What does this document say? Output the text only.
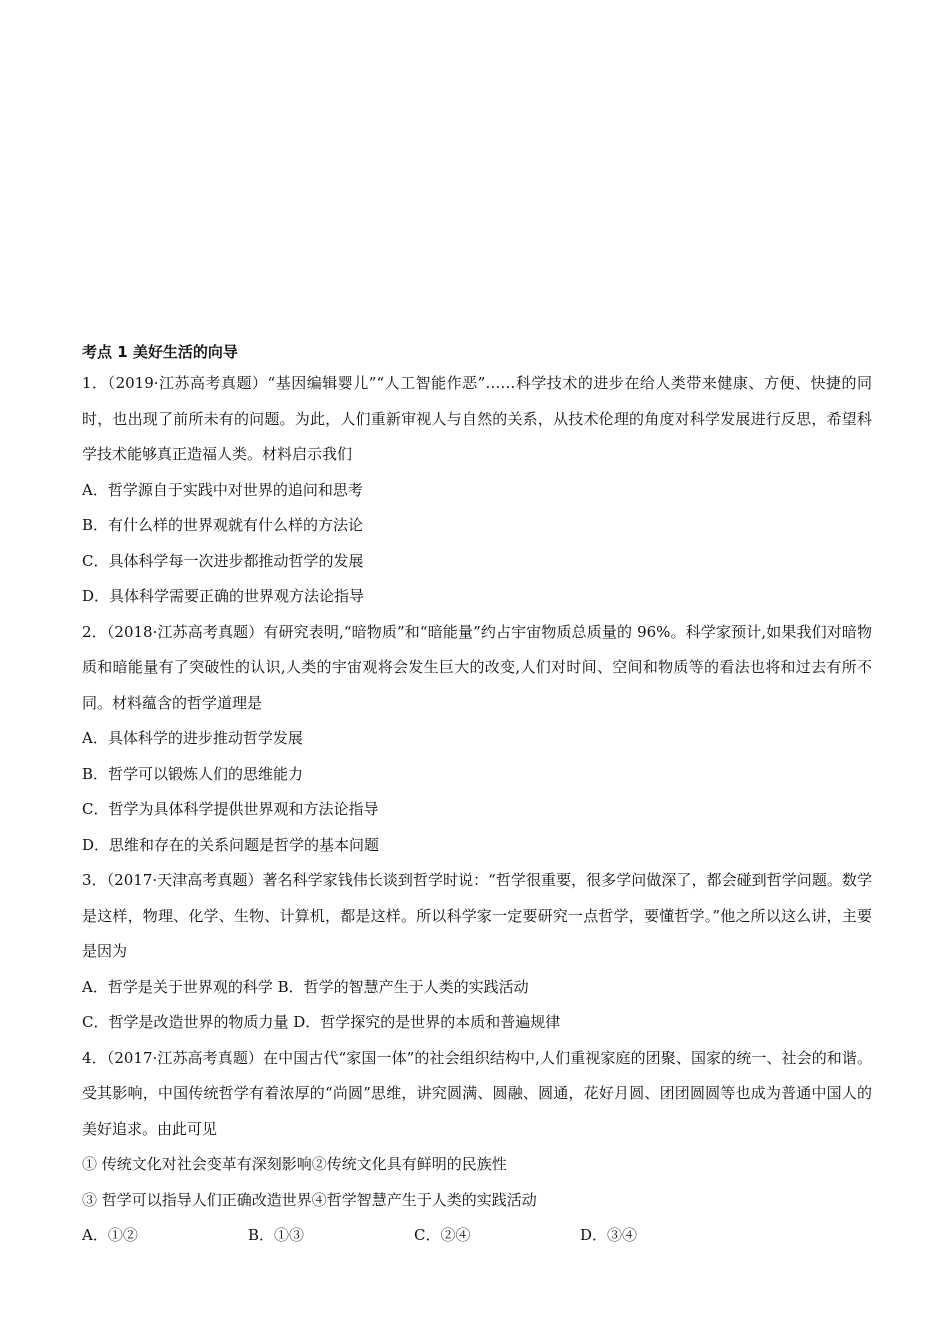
考点 1 美好生活的向导
1．（2019·江苏高考真题）“基因编辑婴儿”“人工智能作恶”……科学技术的进步在给人类带来健康、方便、快捷的同时，也出现了前所未有的问题。为此，人们重新审视人与自然的关系，从技术伦理的角度对科学发展进行反思，希望科学技术能够真正造福人类。材料启示我们
A．哲学源自于实践中对世界的追问和思考
B．有什么样的世界观就有什么样的方法论
C．具体科学每一次进步都推动哲学的发展
D．具体科学需要正确的世界观方法论指导
2．（2018·江苏高考真题）有研究表明,“暗物质”和“暗能量”约占宇宙物质总质量的 96%。科学家预计,如果我们对暗物质和暗能量有了突破性的认识,人类的宇宙观将会发生巨大的改变,人们对时间、空间和物质等的看法也将和过去有所不同。材料蕴含的哲学道理是
A．具体科学的进步推动哲学发展
B．哲学可以锻炼人们的思维能力
C．哲学为具体科学提供世界观和方法论指导
D．思维和存在的关系问题是哲学的基本问题
3．（2017·天津高考真题）著名科学家钱伟长谈到哲学时说：“哲学很重要，很多学问做深了，都会碰到哲学问题。数学是这样，物理、化学、生物、计算机，都是这样。所以科学家一定要研究一点哲学，要懂哲学。”他之所以这么讲，主要是因为
A．哲学是关于世界观的科学 B．哲学的智慧产生于人类的实践活动
C．哲学是改造世界的物质力量 D．哲学探究的是世界的本质和普遍规律
4．（2017·江苏高考真题）在中国古代“家国一体”的社会组织结构中,人们重视家庭的团聚、国家的统一、社会的和谐。受其影响，中国传统哲学有着浓厚的“尚圆”思维，讲究圆满、圆融、圆通，花好月圆、团团圆圆等也成为普通中国人的美好追求。由此可见
① 传统文化对社会变革有深刻影响②传统文化具有鲜明的民族性
③ 哲学可以指导人们正确改造世界④哲学智慧产生于人类的实践活动
A．①②	B．①③	C．②④	D．③④
